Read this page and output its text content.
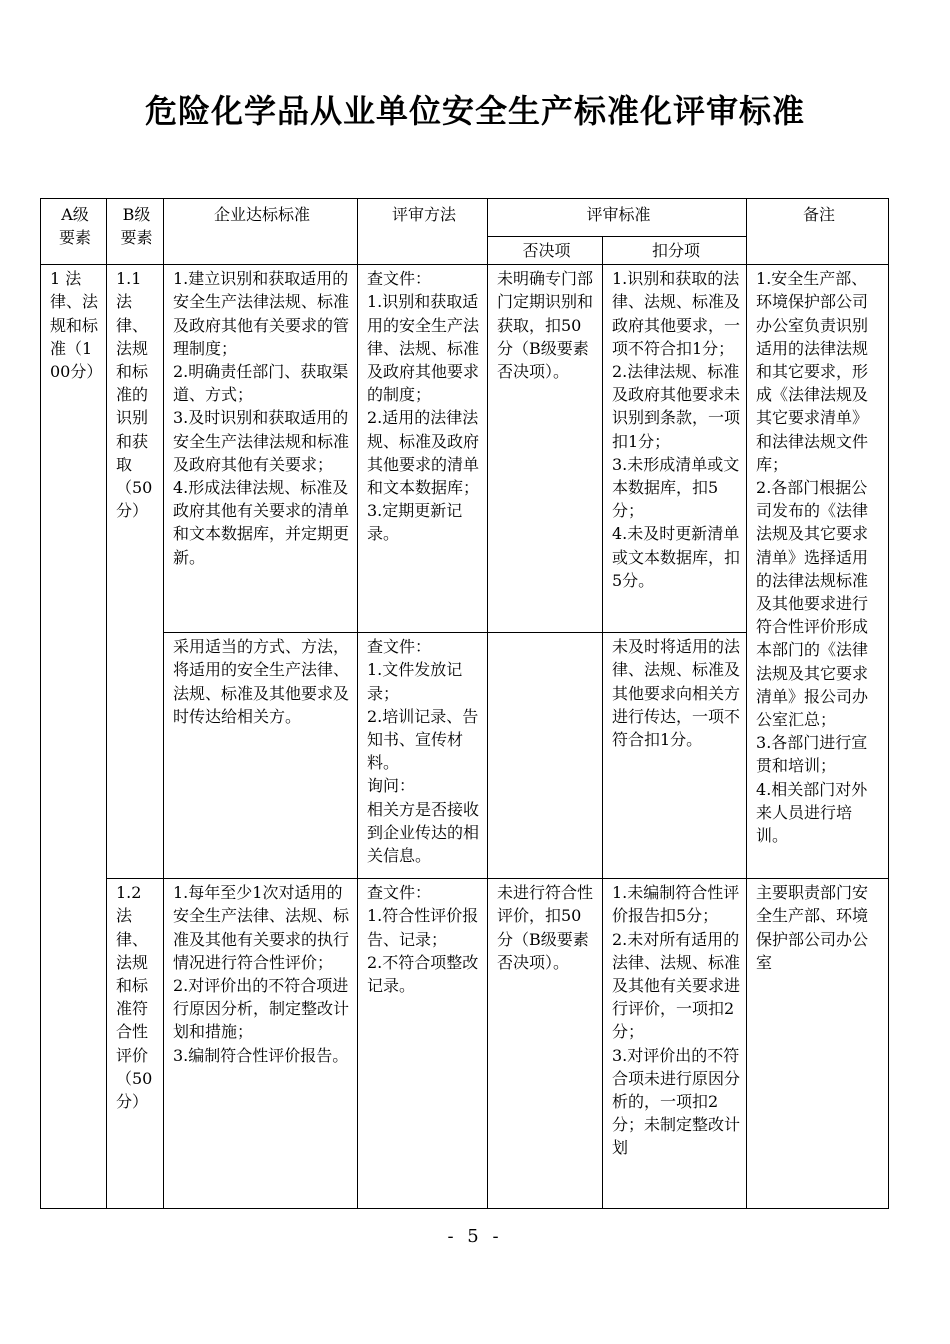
危险化学品从业单位安全生产标准化评审标准
A级
要素	B级
要素	企业达标标准	评审方法	评审标准		备注
				否决项	扣分项	

1 法律、法规和标准（100分）	1.1 法律、法规和标准的识别和获取（50分）	1.建立识别和获取适用的安全生产法律法规、标准及政府其他有关要求的管理制度；
2.明确责任部门、获取渠道、方式；
3.及时识别和获取适用的安全生产法律法规和标准及政府其他有关要求；
4.形成法律法规、标准及政府其他有关要求的清单和文本数据库，并定期更新。	查文件：
1.识别和获取适用的安全生产法律、法规、标准及政府其他要求的制度；
2.适用的法律法规、标准及政府其他要求的清单和文本数据库；
3.定期更新记录。	未明确专门部门定期识别和获取，扣50分（B级要素否决项）。	1.识别和获取的法律、法规、标准及政府其他要求，一项不符合扣1分；
2.法律法规、标准及政府其他要求未识别到条款，一项扣1分；
3.未形成清单或文本数据库，扣5分；
4.未及时更新清单或文本数据库，扣5分。	1.安全生产部、环境保护部公司办公室负责识别适用的法律法规和其它要求，形成《法律法规及其它要求清单》和法律法规文件库；
2.各部门根据公司发布的《法律法规及其它要求清单》选择适用的法律法规标准及其他要求进行符合性评价形成本部门的《法律法规及其它要求清单》报公司办公室汇总；
3.各部门进行宣贯和培训；
4.相关部门对外来人员进行培训。

		采用适当的方式、方法，将适用的安全生产法律、法规、标准及其他要求及时传达给相关方。	查文件：
1.文件发放记录；
2.培训记录、告知书、宣传材料。
询问：
相关方是否接收到企业传达的相关信息。		未及时将适用的法律、法规、标准及其他要求向相关方进行传达，一项不符合扣1分。	

	1.2 法律、法规和标准符合性评价（50分）	1.每年至少1次对适用的安全生产法律、法规、标准及其他有关要求的执行情况进行符合性评价；
2.对评价出的不符合项进行原因分析，制定整改计划和措施；
3.编制符合性评价报告。	查文件：
1.符合性评价报告、记录；
2.不符合项整改记录。	未进行符合性评价，扣50分（B级要素否决项）。	1.未编制符合性评价报告扣5分；
2.未对所有适用的法律、法规、标准及其他有关要求进行评价，一项扣2分；
3.对评价出的不符合项未进行原因分析的，一项扣2分；未制定整改计划	主要职责部门安全生产部、环境保护部公司办公室
- 5 -
